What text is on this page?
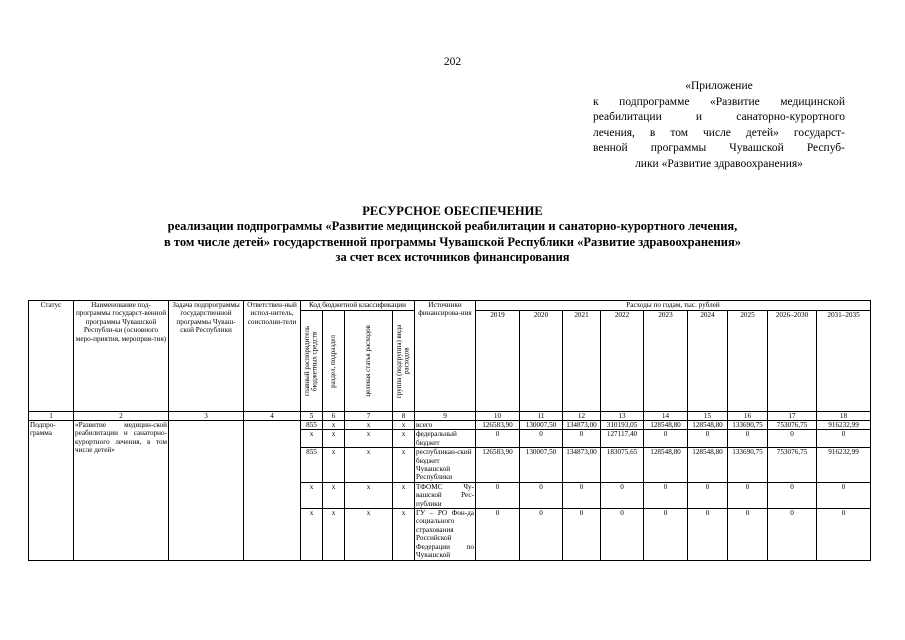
202
«Приложение
к подпрограмме «Развитие медицинской
реабилитации и санаторно-курортного
лечения, в том числе детей» государст-
венной программы Чувашской Респуб-
лики «Развитие здравоохранения»
РЕСУРСНОЕ ОБЕСПЕЧЕНИЕ
реализации подпрограммы «Развитие медицинской реабилитации и санаторно-курортного лечения,
в том числе детей» государственной программы Чувашской Республики «Развитие здравоохранения»
за счет всех источников финансирования
Статус	Наименование под-программы государст-венной программы Чувашской Республи-ки (основного меро-приятия, мероприя-тия)	Задача подпрограммы государственной программы Чуваш-ской Республики	Ответствен-ный испол-нитель, соисполни-тели	Код бюджетной классификации				Источники финансирова-ния	Расходы по годам, тыс. рублей								

				главный распорядитель бюджетных средств	раздел, подраздел	целевая статья расходов	группа (подгруппа) вида расходов		2019	2020	2021	2022	2023	2024	2025	2026–2030	2031–2035
1	2	3	4	5	6	7	8	9	10	11	12	13	14	15	16	17	18
Подпро-грамма	«Развитие медицин-ской реабилитации и санаторно-курортного лечения, в том числе детей»			855	х	х	х	всего	126583,90	130007,50	134873,00	310193,05	128548,80	128548,80	133690,75	753076,75	916232,99
				х	х	х	х	федеральный бюджет	0	0	0	127117,40	0	0	0	0	0
				855	х	х	х	республикан-ский бюджет Чувашской Республики	126583,90	130007,50	134873,00	183075,65	128548,80	128548,80	133690,75	753076,75	916232,99
				х	х	х	х	ТФОМС Чу-вашской Рес-публики	0	0	0	0	0	0	0	0	0
				х	х	х	х	ГУ – РО Фон-да социального страхования Российской Федерации по Чувашской	0	0	0	0	0	0	0	0	0
